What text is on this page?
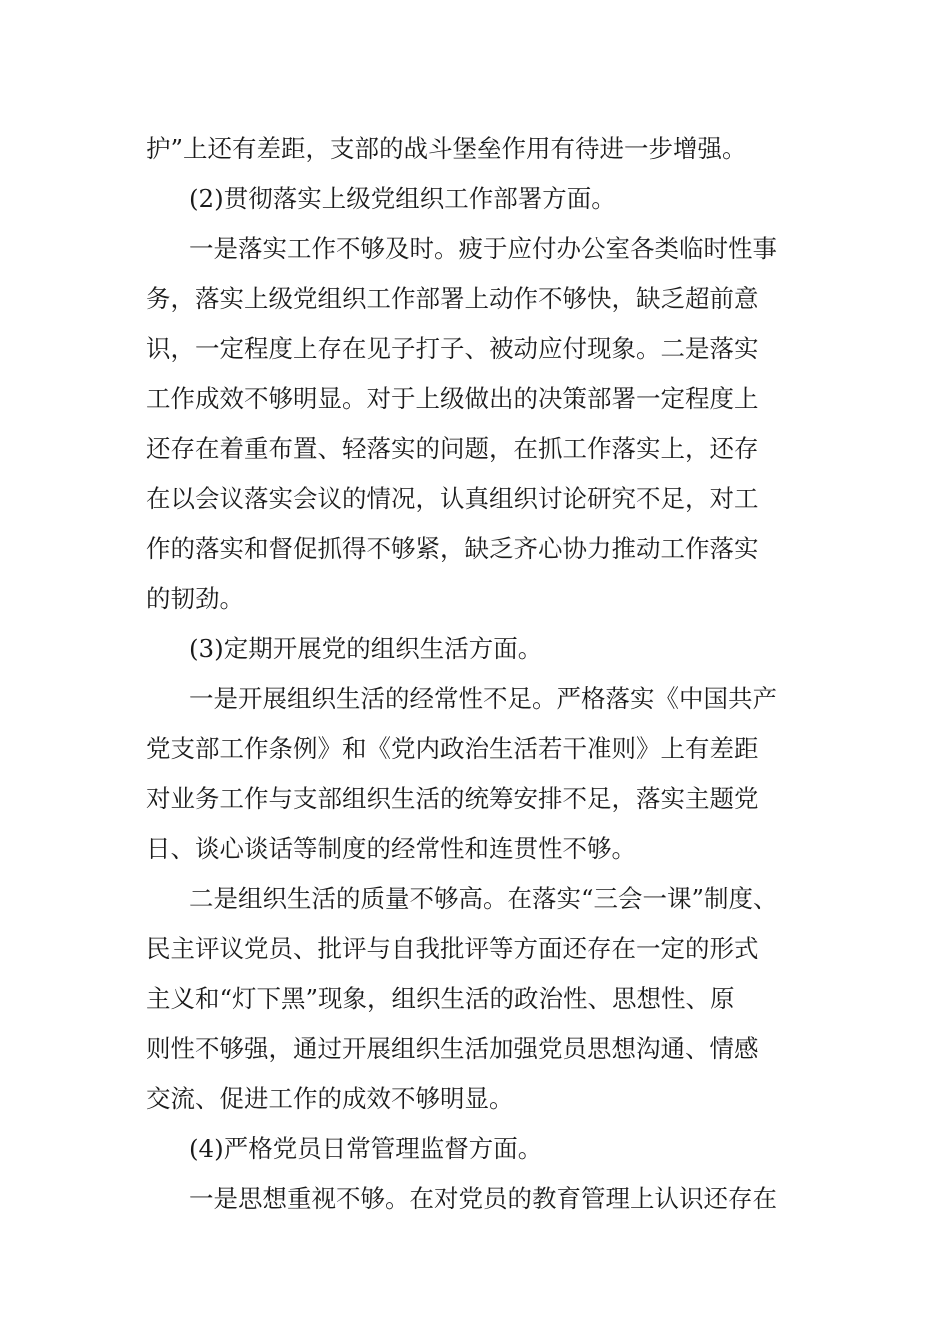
护”上还有差距，支部的战斗堡垒作用有待进一步增强。
(2)贯彻落实上级党组织工作部署方面。
一是落实工作不够及时。疲于应付办公室各类临时性事
务，落实上级党组织工作部署上动作不够快，缺乏超前意
识，一定程度上存在见子打子、被动应付现象。二是落实
工作成效不够明显。对于上级做出的决策部署一定程度上
还存在着重布置、轻落实的问题，在抓工作落实上，还存
在以会议落实会议的情况，认真组织讨论研究不足，对工
作的落实和督促抓得不够紧，缺乏齐心协力推动工作落实
的韧劲。
(3)定期开展党的组织生活方面。
一是开展组织生活的经常性不足。严格落实《中国共产
党支部工作条例》和《党内政治生活若干准则》上有差距
对业务工作与支部组织生活的统筹安排不足，落实主题党
日、谈心谈话等制度的经常性和连贯性不够。
二是组织生活的质量不够高。在落实“三会一课”制度、
民主评议党员、批评与自我批评等方面还存在一定的形式
主义和“灯下黑”现象，组织生活的政治性、思想性、原
则性不够强，通过开展组织生活加强党员思想沟通、情感
交流、促进工作的成效不够明显。
(4)严格党员日常管理监督方面。
一是思想重视不够。在对党员的教育管理上认识还存在
